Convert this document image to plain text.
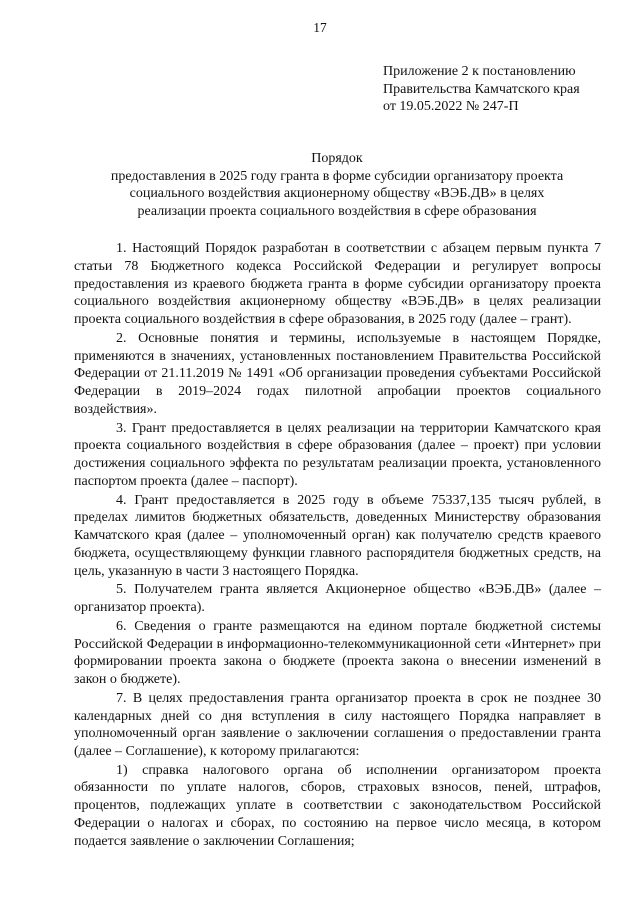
17
Приложение 2 к постановлению
Правительства Камчатского края
от 19.05.2022 № 247-П
Порядок
предоставления в 2025 году гранта в форме субсидии организатору проекта
социального воздействия акционерному обществу «ВЭБ.ДВ» в целях
реализации проекта социального воздействия в сфере образования

1. Настоящий Порядок разработан в соответствии с абзацем первым пункта 7 статьи 78 Бюджетного кодекса Российской Федерации и регулирует вопросы предоставления из краевого бюджета гранта в форме субсидии организатору проекта социального воздействия акционерному обществу «ВЭБ.ДВ» в целях реализации проекта социального воздействия в сфере образования, в 2025 году (далее – грант).

2. Основные понятия и термины, используемые в настоящем Порядке, применяются в значениях, установленных постановлением Правительства Российской Федерации от 21.11.2019 № 1491 «Об организации проведения субъектами Российской Федерации в 2019–2024 годах пилотной апробации проектов социального воздействия».

3. Грант предоставляется в целях реализации на территории Камчатского края проекта социального воздействия в сфере образования (далее – проект) при условии достижения социального эффекта по результатам реализации проекта, установленного паспортом проекта (далее – паспорт).

4. Грант предоставляется в 2025 году в объеме 75337,135 тысяч рублей, в пределах лимитов бюджетных обязательств, доведенных Министерству образования Камчатского края (далее – уполномоченный орган) как получателю средств краевого бюджета, осуществляющему функции главного распорядителя бюджетных средств, на цель, указанную в части 3 настоящего Порядка.

5. Получателем гранта является Акционерное общество «ВЭБ.ДВ» (далее – организатор проекта).

6. Сведения о гранте размещаются на едином портале бюджетной системы Российской Федерации в информационно-телекоммуникационной сети «Интернет» при формировании проекта закона о бюджете (проекта закона о внесении изменений в закон о бюджете).

7. В целях предоставления гранта организатор проекта в срок не позднее 30 календарных дней со дня вступления в силу настоящего Порядка направляет в уполномоченный орган заявление о заключении соглашения о предоставлении гранта (далее – Соглашение), к которому прилагаются:

1) справка налогового органа об исполнении организатором проекта обязанности по уплате налогов, сборов, страховых взносов, пеней, штрафов, процентов, подлежащих уплате в соответствии с законодательством Российской Федерации о налогах и сборах, по состоянию на первое число месяца, в котором подается заявление о заключении Соглашения;
